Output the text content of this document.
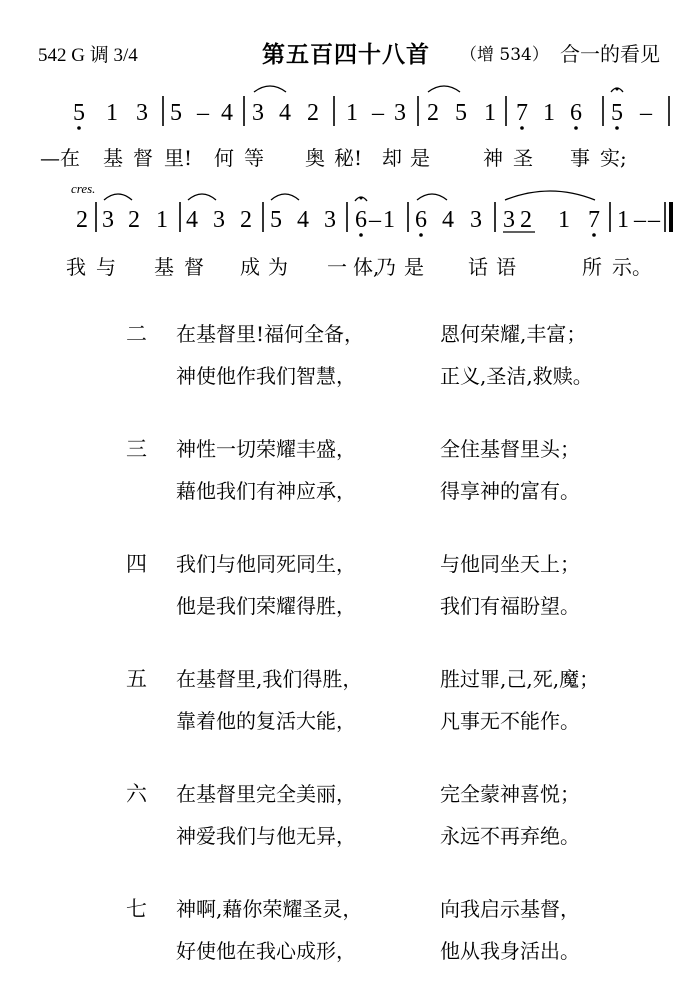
542 G 调 3/4	第五百四十八首 （增 534） 合一的看见
5 1 3 5 – 4 3 4 2 1 – 3 2 5 1 7 1 6 5 –
—在 基 督 里! 何 等 奥 秘! 却 是	神 圣 事 实;
cres.
2 3 2 1 4 3 2 5 4 3 6 – 1 6 4 3 3 2 1 7 1 – –
我 与 基 督 成 为 一 体,
乃 是 话 语	所 示。
二 在基督里!福何全备，	恩何荣耀,丰富；
神使他作我们智慧，	正义,圣洁,救赎。
三 神性一切荣耀丰盛，	全住基督里头；
藉他我们有神应承，	得享神的富有。
四 我们与他同死同生，	与他同坐天上；
他是我们荣耀得胜，	我们有福盼望。
五 在基督里,我们得胜，	胜过罪,己,死,魔；
靠着他的复活大能，	凡事无不能作。
六 在基督里完全美丽，	完全蒙神喜悦；
神爱我们与他无异，	永远不再弃绝。
七 神啊,藉你荣耀圣灵，	向我启示基督，
好使他在我心成形，	他从我身活出。
